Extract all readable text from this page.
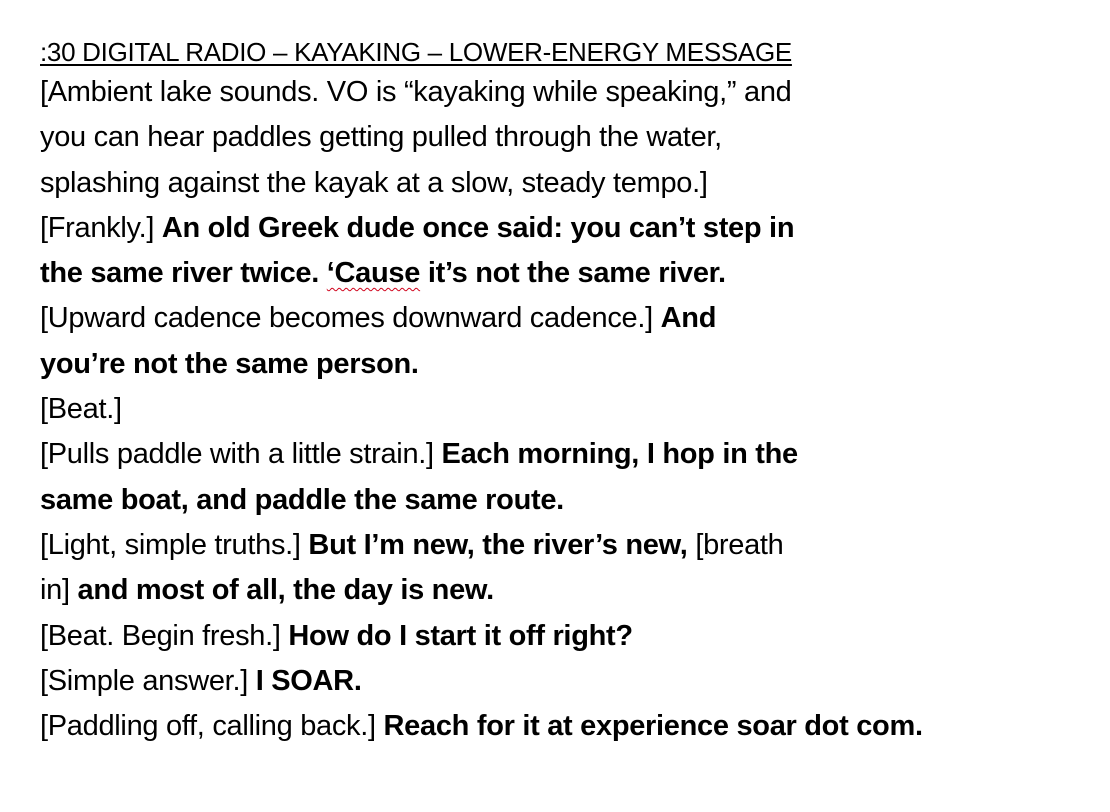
:30 DIGITAL RADIO – KAYAKING – LOWER-ENERGY MESSAGE
[Ambient lake sounds. VO is “kayaking while speaking,” and
you can hear paddles getting pulled through the water,
splashing against the kayak at a slow, steady tempo.]
[Frankly.] An old Greek dude once said: you can’t step in
the same river twice. ‘Cause it’s not the same river.
[Upward cadence becomes downward cadence.] And
you’re not the same person.
[Beat.]
[Pulls paddle with a little strain.] Each morning, I hop in the
same boat, and paddle the same route.
[Light, simple truths.] But I’m new, the river’s new, [breath
in] and most of all, the day is new.
[Beat. Begin fresh.] How do I start it off right?
[Simple answer.] I SOAR.
[Paddling off, calling back.] Reach for it at experience soar dot com.
